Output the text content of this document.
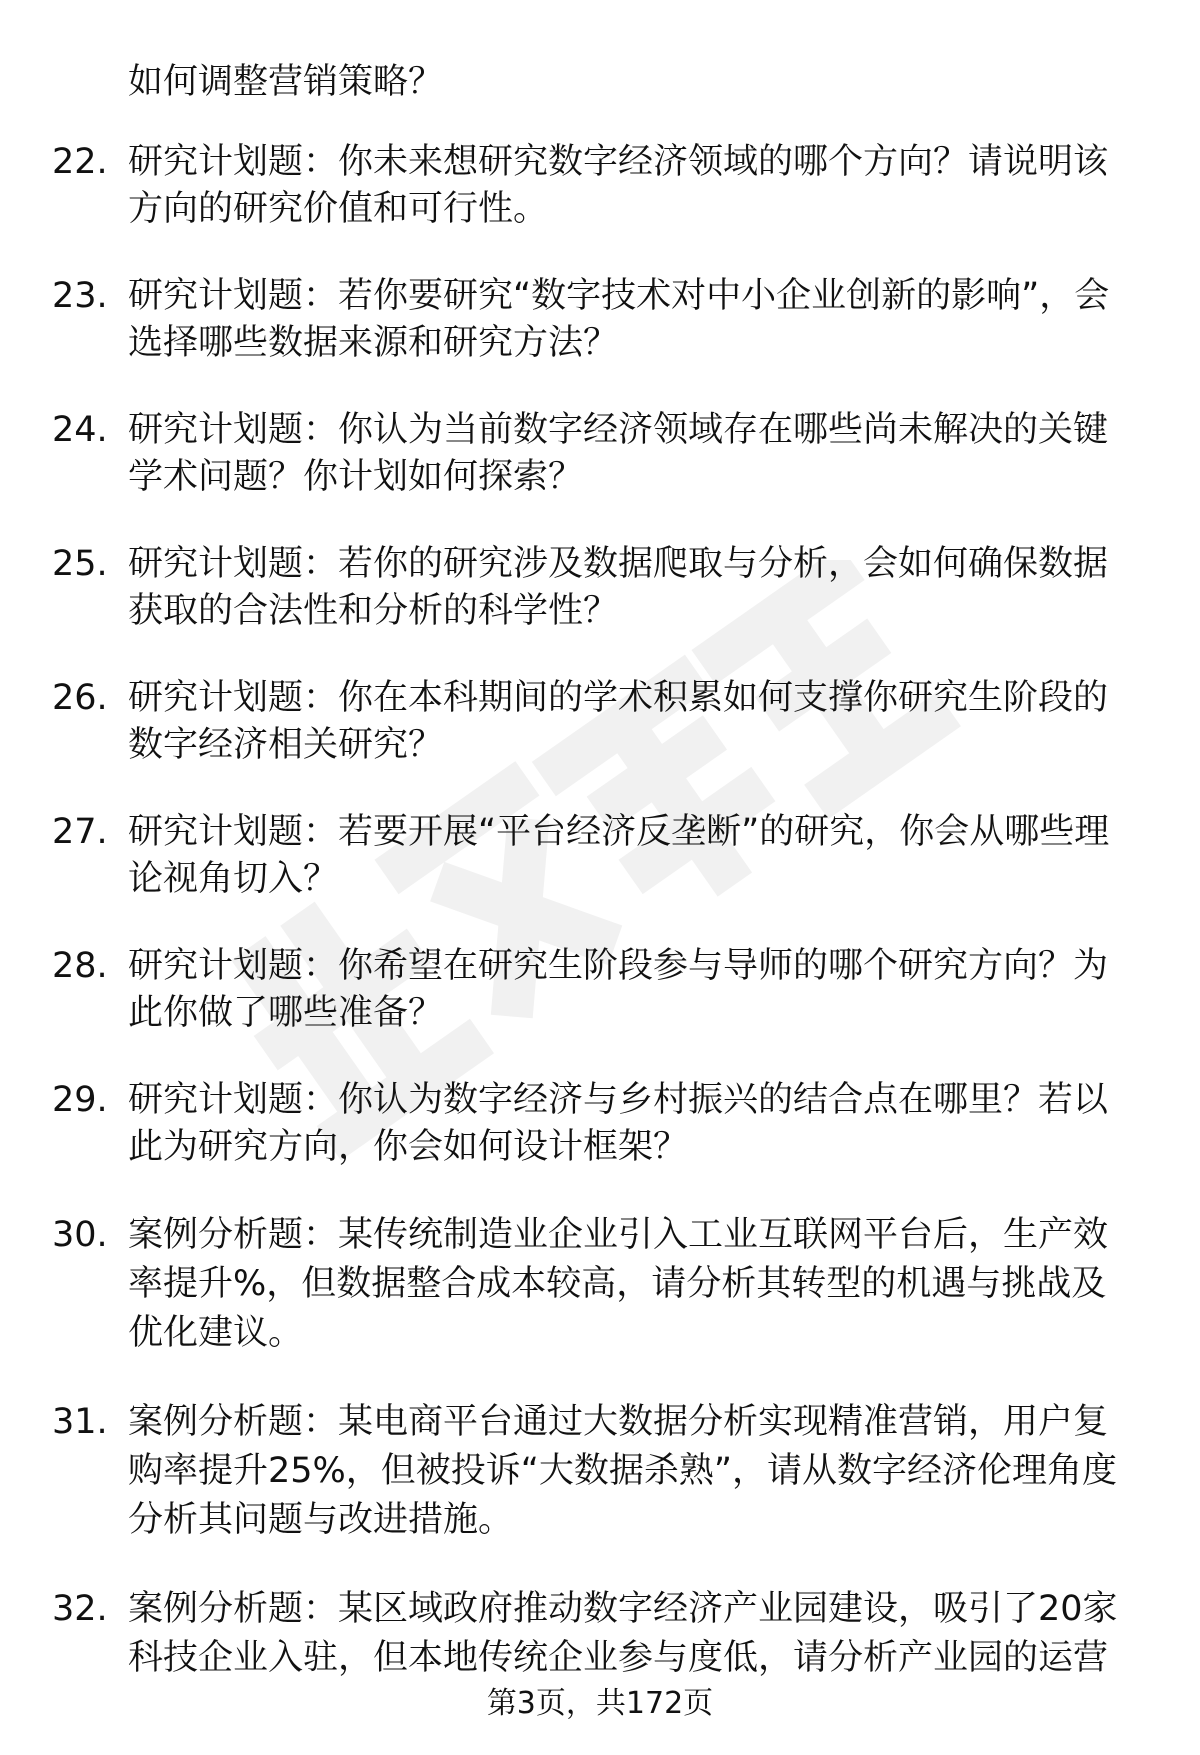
如何调整营销策略？
22. 研究计划题：你未来想研究数字经济领域的哪个方向？请说明该方向的研究价值和可行性。
23. 研究计划题：若你要研究“数字技术对中小企业创新的影响”，会选择哪些数据来源和研究方法？
24. 研究计划题：你认为当前数字经济领域存在哪些尚未解决的关键学术问题？你计划如何探索？
25. 研究计划题：若你的研究涉及数据爬取与分析，会如何确保数据获取的合法性和分析的科学性？
26. 研究计划题：你在本科期间的学术积累如何支撑你研究生阶段的数字经济相关研究？
27. 研究计划题：若要开展“平台经济反垄断”的研究，你会从哪些理论视角切入？
28. 研究计划题：你希望在研究生阶段参与导师的哪个研究方向？为此你做了哪些准备？
29. 研究计划题：你认为数字经济与乡村振兴的结合点在哪里？若以此为研究方向，你会如何设计框架？
30. 案例分析题：某传统制造业企业引入工业互联网平台后，生产效率提升%，但数据整合成本较高，请分析其转型的机遇与挑战及优化建议。
31. 案例分析题：某电商平台通过大数据分析实现精准营销，用户复购率提升25%，但被投诉“大数据杀熟”，请从数字经济伦理角度分析其问题与改进措施。
32. 案例分析题：某区域政府推动数字经济产业园建设，吸引了20家科技企业入驻，但本地传统企业参与度低，请分析产业园的运营
第3页，共172页
